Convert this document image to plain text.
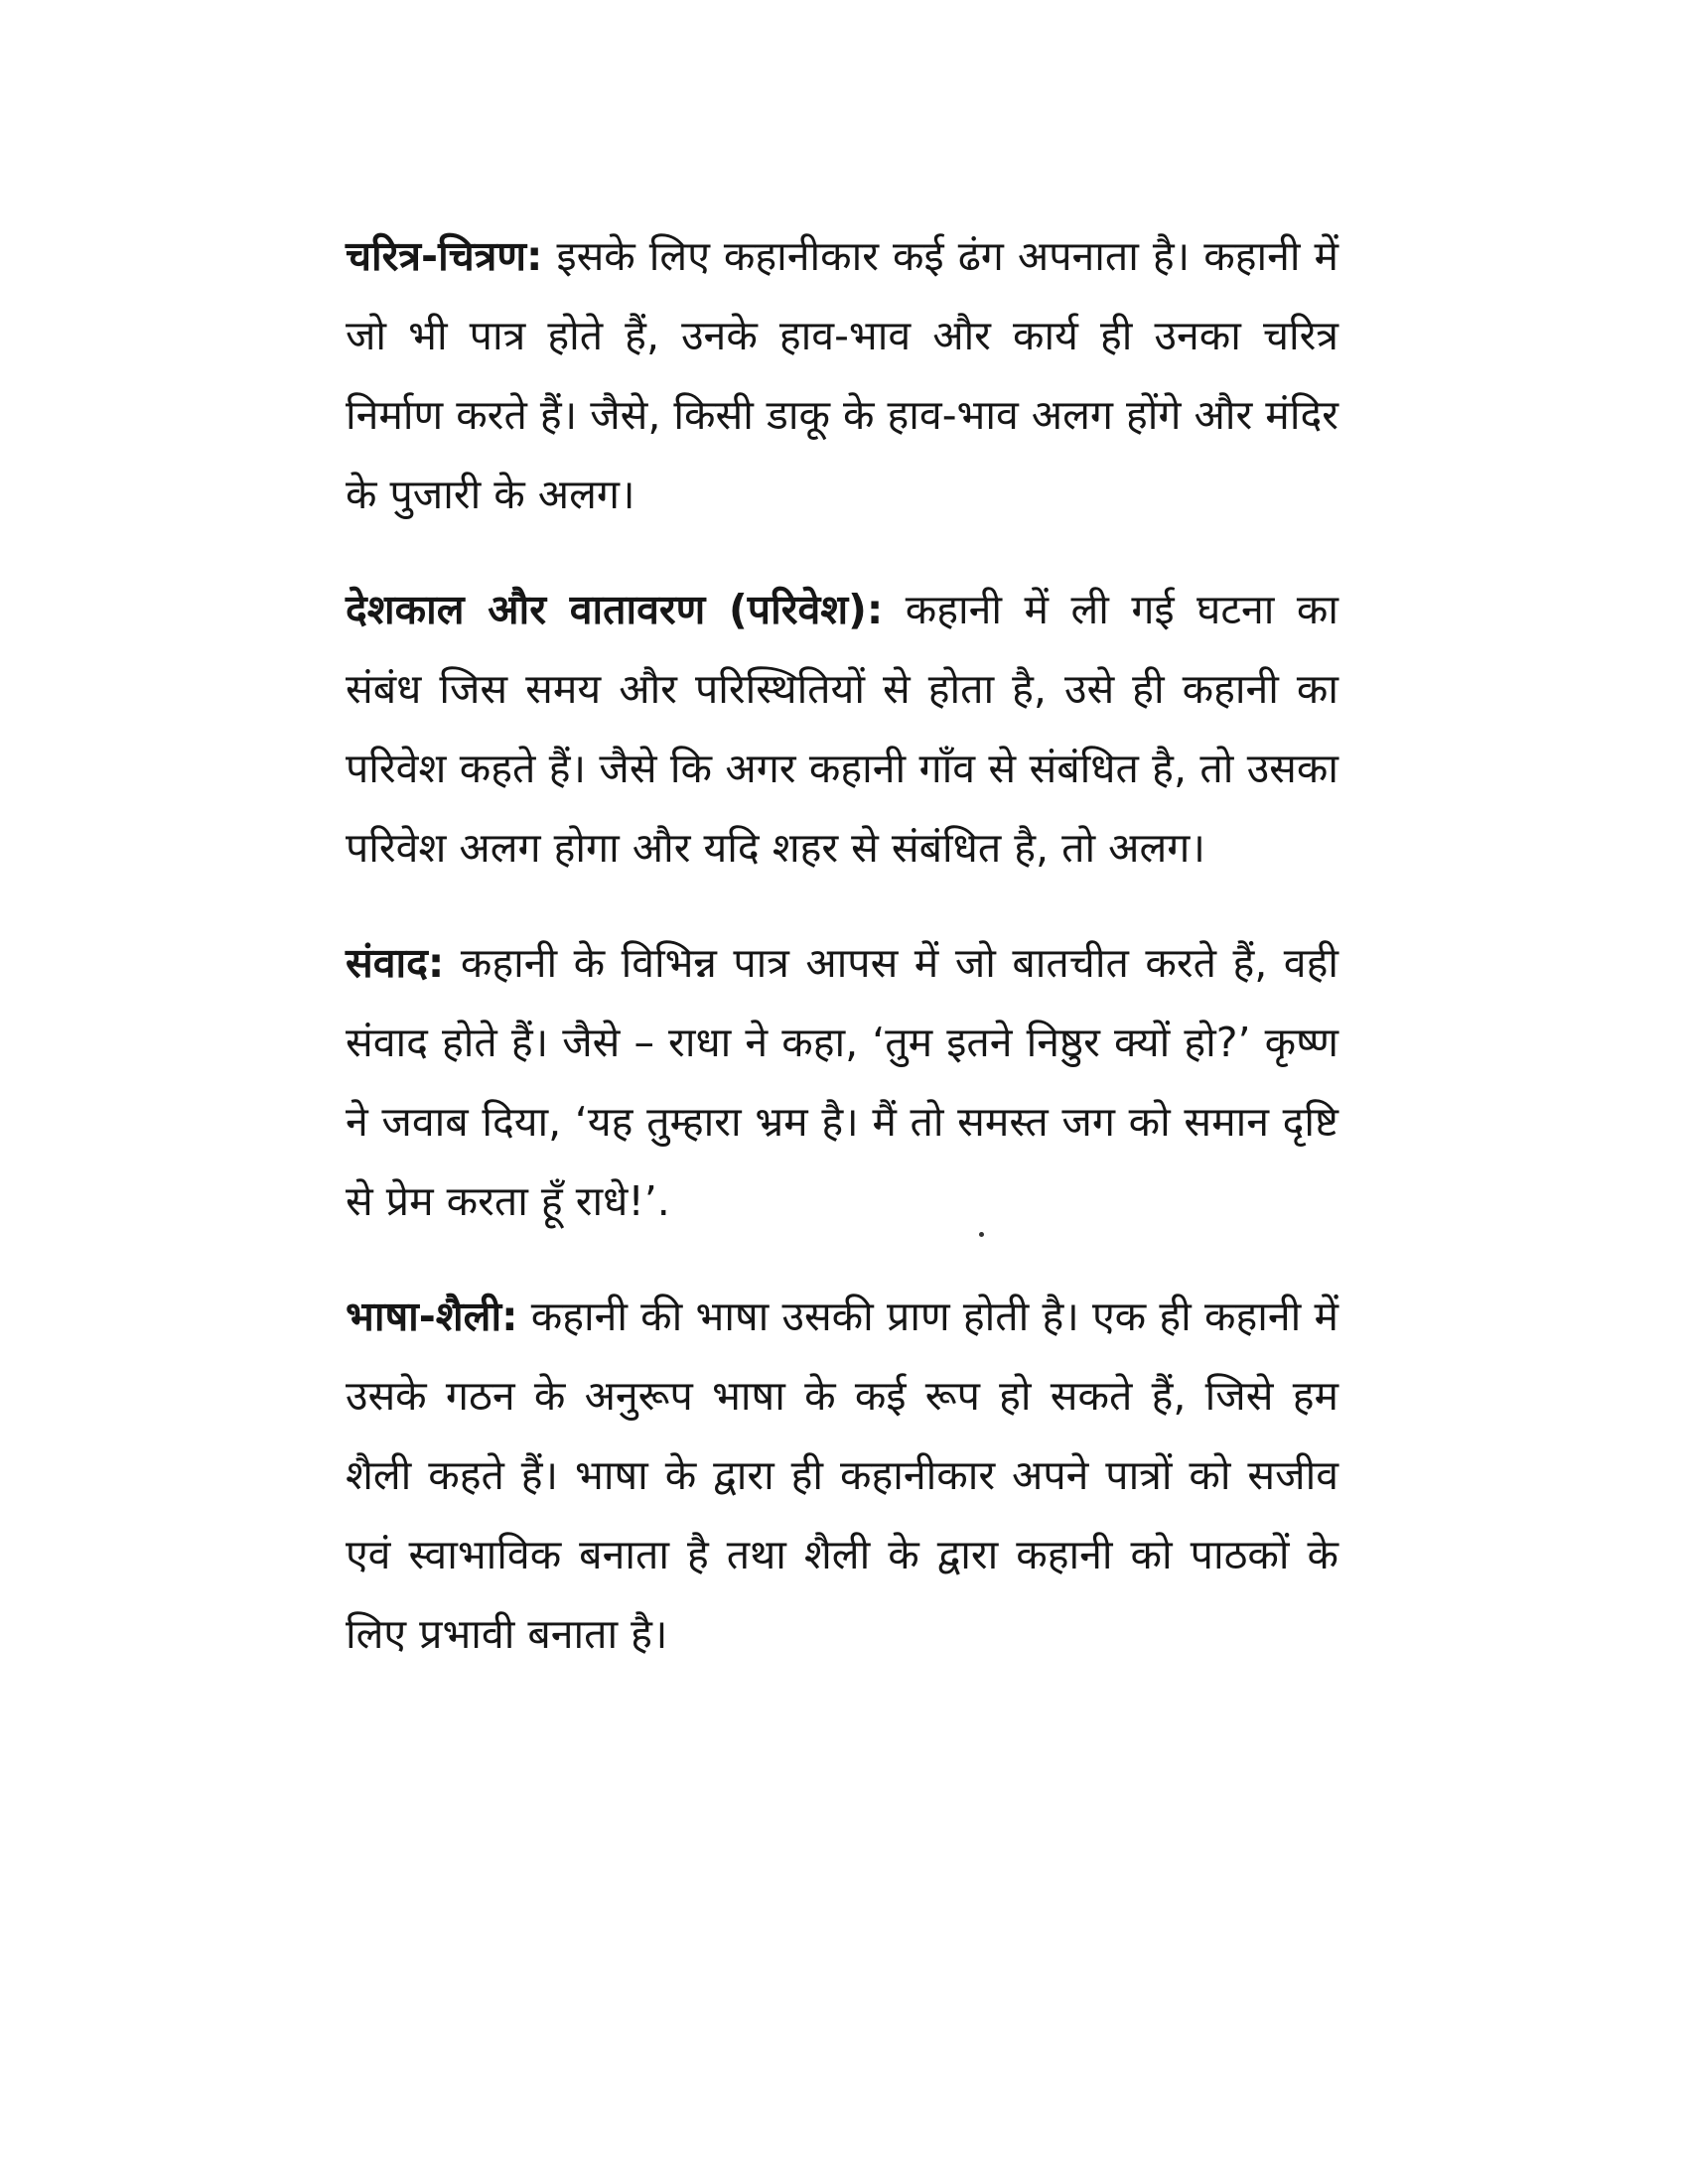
चरित्र-चित्रण: इसके लिए कहानीकार कई ढंग अपनाता है। कहानी में जो भी पात्र होते हैं, उनके हाव-भाव और कार्य ही उनका चरित्र निर्माण करते हैं। जैसे, किसी डाकू के हाव-भाव अलग होंगे और मंदिर के पुजारी के अलग।

देशकाल और वातावरण (परिवेश): कहानी में ली गई घटना का संबंध जिस समय और परिस्थितियों से होता है, उसे ही कहानी का परिवेश कहते हैं। जैसे कि अगर कहानी गाँव से संबंधित है, तो उसका परिवेश अलग होगा और यदि शहर से संबंधित है, तो अलग।

संवाद: कहानी के विभिन्न पात्र आपस में जो बातचीत करते हैं, वही संवाद होते हैं। जैसे – राधा ने कहा, ‘तुम इतने निष्ठुर क्यों हो?’ कृष्ण ने जवाब दिया, ‘यह तुम्हारा भ्रम है। मैं तो समस्त जग को समान दृष्टि से प्रेम करता हूँ राधे!’.

भाषा-शैली: कहानी की भाषा उसकी प्राण होती है। एक ही कहानी में उसके गठन के अनुरूप भाषा के कई रूप हो सकते हैं, जिसे हम शैली कहते हैं। भाषा के द्वारा ही कहानीकार अपने पात्रों को सजीव एवं स्वाभाविक बनाता है तथा शैली के द्वारा कहानी को पाठकों के लिए प्रभावी बनाता है।
